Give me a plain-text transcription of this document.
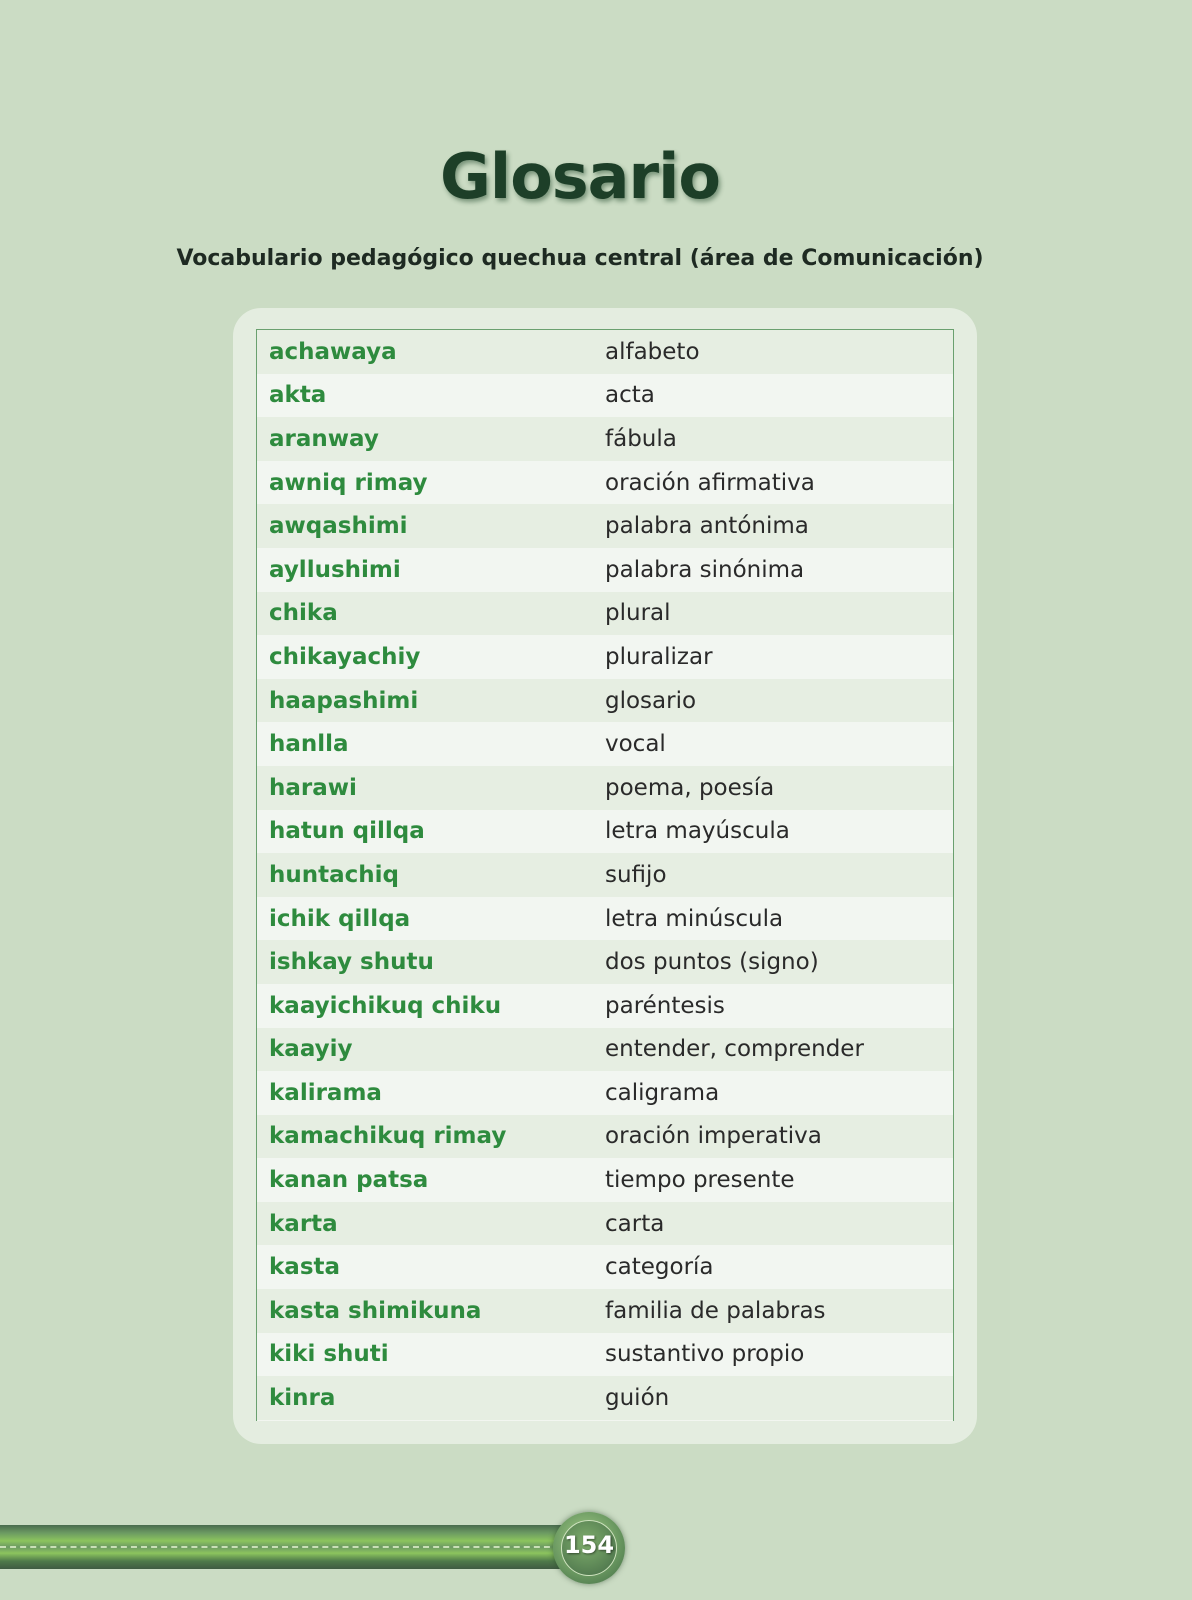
Glosario
Vocabulario pedagógico quechua central (área de Comunicación)
achawaya	alfabeto
akta	acta
aranway	fábula
awniq rimay	oración afirmativa
awqashimi	palabra antónima
ayllushimi	palabra sinónima
chika	plural
chikayachiy	pluralizar
haapashimi	glosario
hanlla	vocal
harawi	poema, poesía
hatun qillqa	letra mayúscula
huntachiq	sufijo
ichik qillqa	letra minúscula
ishkay shutu	dos puntos (signo)
kaayichikuq chiku	paréntesis
kaayiy	entender, comprender
kalirama	caligrama
kamachikuq rimay	oración imperativa
kanan patsa	tiempo presente
karta	carta
kasta	categoría
kasta shimikuna	familia de palabras
kiki shuti	sustantivo propio
kinra	guión
154
